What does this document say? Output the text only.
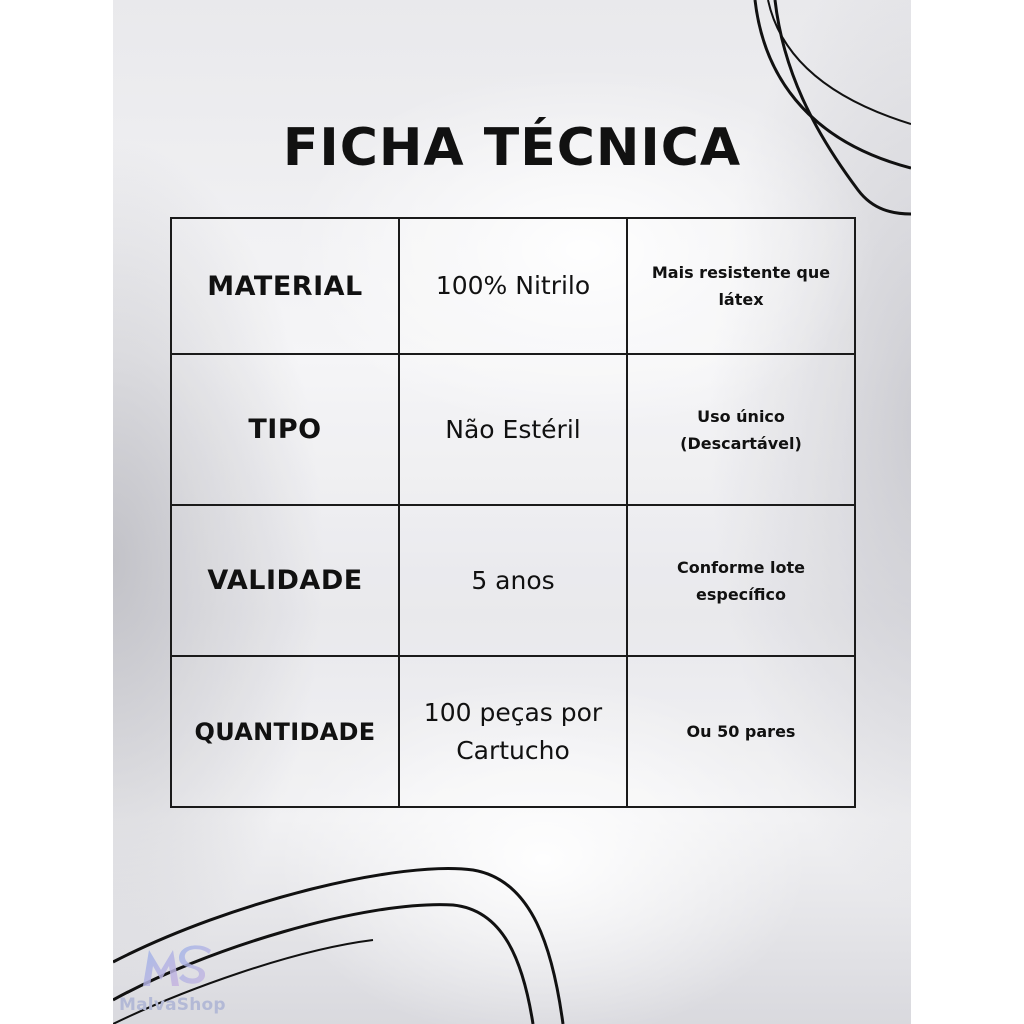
FICHA TÉCNICA
MATERIAL	100% Nitrilo	Mais resistente que látex
TIPO	Não Estéril	Uso único (Descartável)
VALIDADE	5 anos	Conforme lote específico
QUANTIDADE	100 peças por Cartucho	Ou 50 pares
MalvaShop
